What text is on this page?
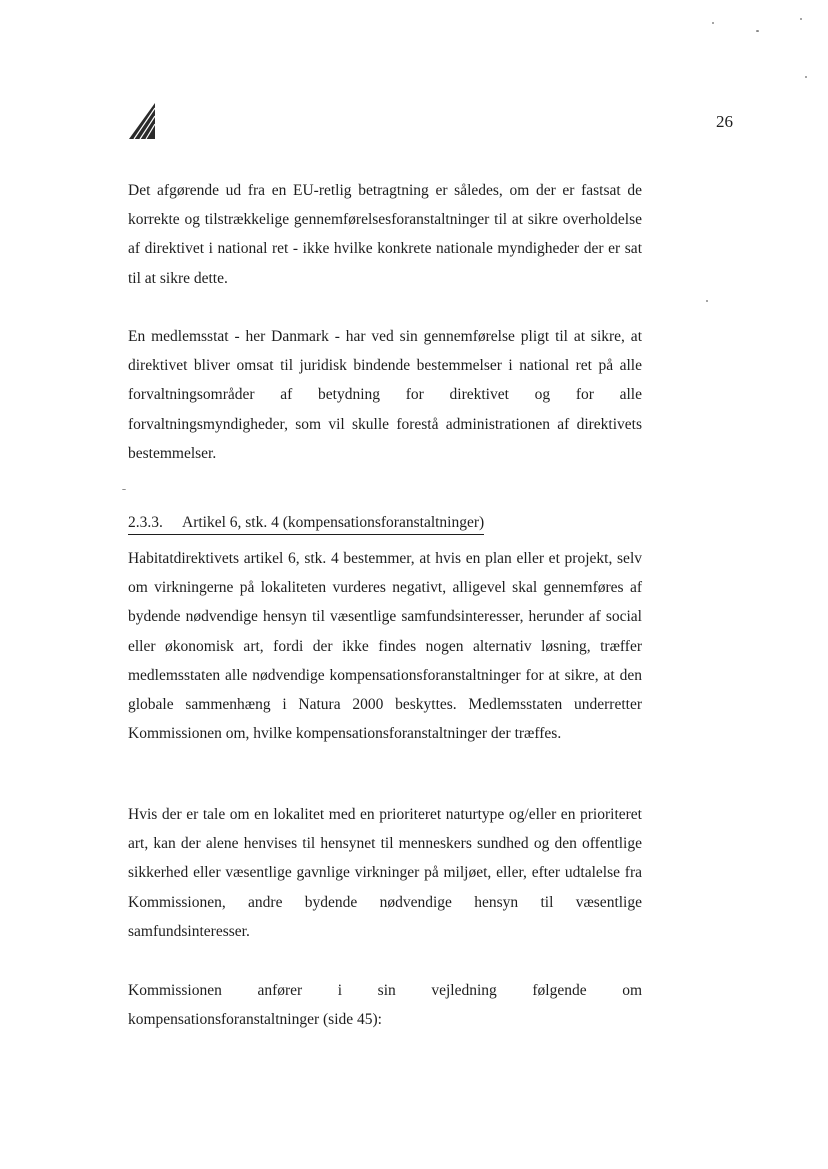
26

Det afgørende ud fra en EU-retlig betragtning er således, om der er fastsat de korrekte og tilstrækkelige gennemførelsesforanstaltninger til at sikre overholdelse af direktivet i national ret - ikke hvilke konkrete nationale myndigheder der er sat til at sikre dette.

En medlemsstat - her Danmark - har ved sin gennemførelse pligt til at sikre, at direktivet bliver omsat til juridisk bindende bestemmelser i national ret på alle forvaltningsområder af betydning for direktivet og for alle forvaltningsmyndigheder, som vil skulle forestå administrationen af direktivets bestemmelser.

2.3.3. Artikel 6, stk. 4 (kompensationsforanstaltninger)

Habitatdirektivets artikel 6, stk. 4 bestemmer, at hvis en plan eller et projekt, selv om virkningerne på lokaliteten vurderes negativt, alligevel skal gennemføres af bydende nødvendige hensyn til væsentlige samfundsinteresser, herunder af social eller økonomisk art, fordi der ikke findes nogen alternativ løsning, træffer medlemsstaten alle nødvendige kompensationsforanstaltninger for at sikre, at den globale sammenhæng i Natura 2000 beskyttes. Medlemsstaten underretter Kommissionen om, hvilke kompensationsforanstaltninger der træffes.

Hvis der er tale om en lokalitet med en prioriteret naturtype og/eller en prioriteret art, kan der alene henvises til hensynet til menneskers sundhed og den offentlige sikkerhed eller væsentlige gavnlige virkninger på miljøet, eller, efter udtalelse fra Kommissionen, andre bydende nødvendige hensyn til væsentlige samfundsinteresser.

Kommissionen anfører i sin vejledning følgende om kompensationsforanstaltninger (side 45):
